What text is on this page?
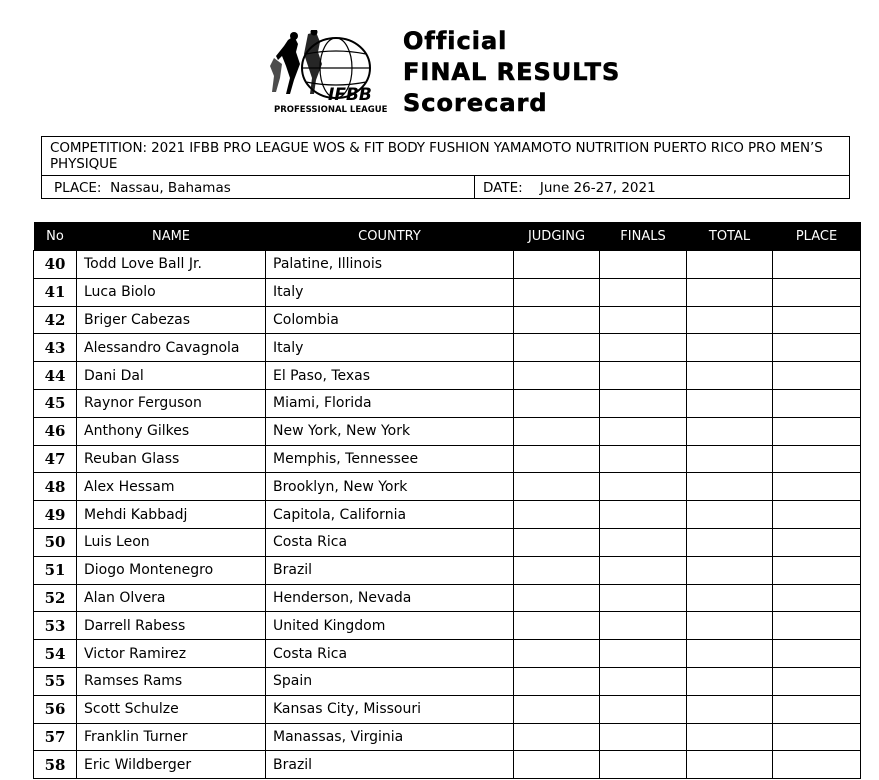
IFBB
PROFESSIONAL LEAGUE
Official
FINAL RESULTS
Scorecard
COMPETITION: 2021 IFBB PRO LEAGUE WOS & FIT BODY FUSHION YAMAMOTO NUTRITION PUERTO RICO PRO MEN’S PHYSIQUE
PLACE: Nassau, Bahamas	DATE: June 26-27, 2021
No	NAME	COUNTRY	JUDGING	FINALS	TOTAL	PLACE
40	Todd Love Ball Jr.	Palatine, Illinois				
41	Luca Biolo	Italy				
42	Briger Cabezas	Colombia				
43	Alessandro Cavagnola	Italy				
44	Dani Dal	El Paso, Texas				
45	Raynor Ferguson	Miami, Florida				
46	Anthony Gilkes	New York, New York				
47	Reuban Glass	Memphis, Tennessee				
48	Alex Hessam	Brooklyn, New York				
49	Mehdi Kabbadj	Capitola, California				
50	Luis Leon	Costa Rica				
51	Diogo Montenegro	Brazil				
52	Alan Olvera	Henderson, Nevada				
53	Darrell Rabess	United Kingdom				
54	Victor Ramirez	Costa Rica				
55	Ramses Rams	Spain				
56	Scott Schulze	Kansas City, Missouri				
57	Franklin Turner	Manassas, Virginia				
58	Eric Wildberger	Brazil				
